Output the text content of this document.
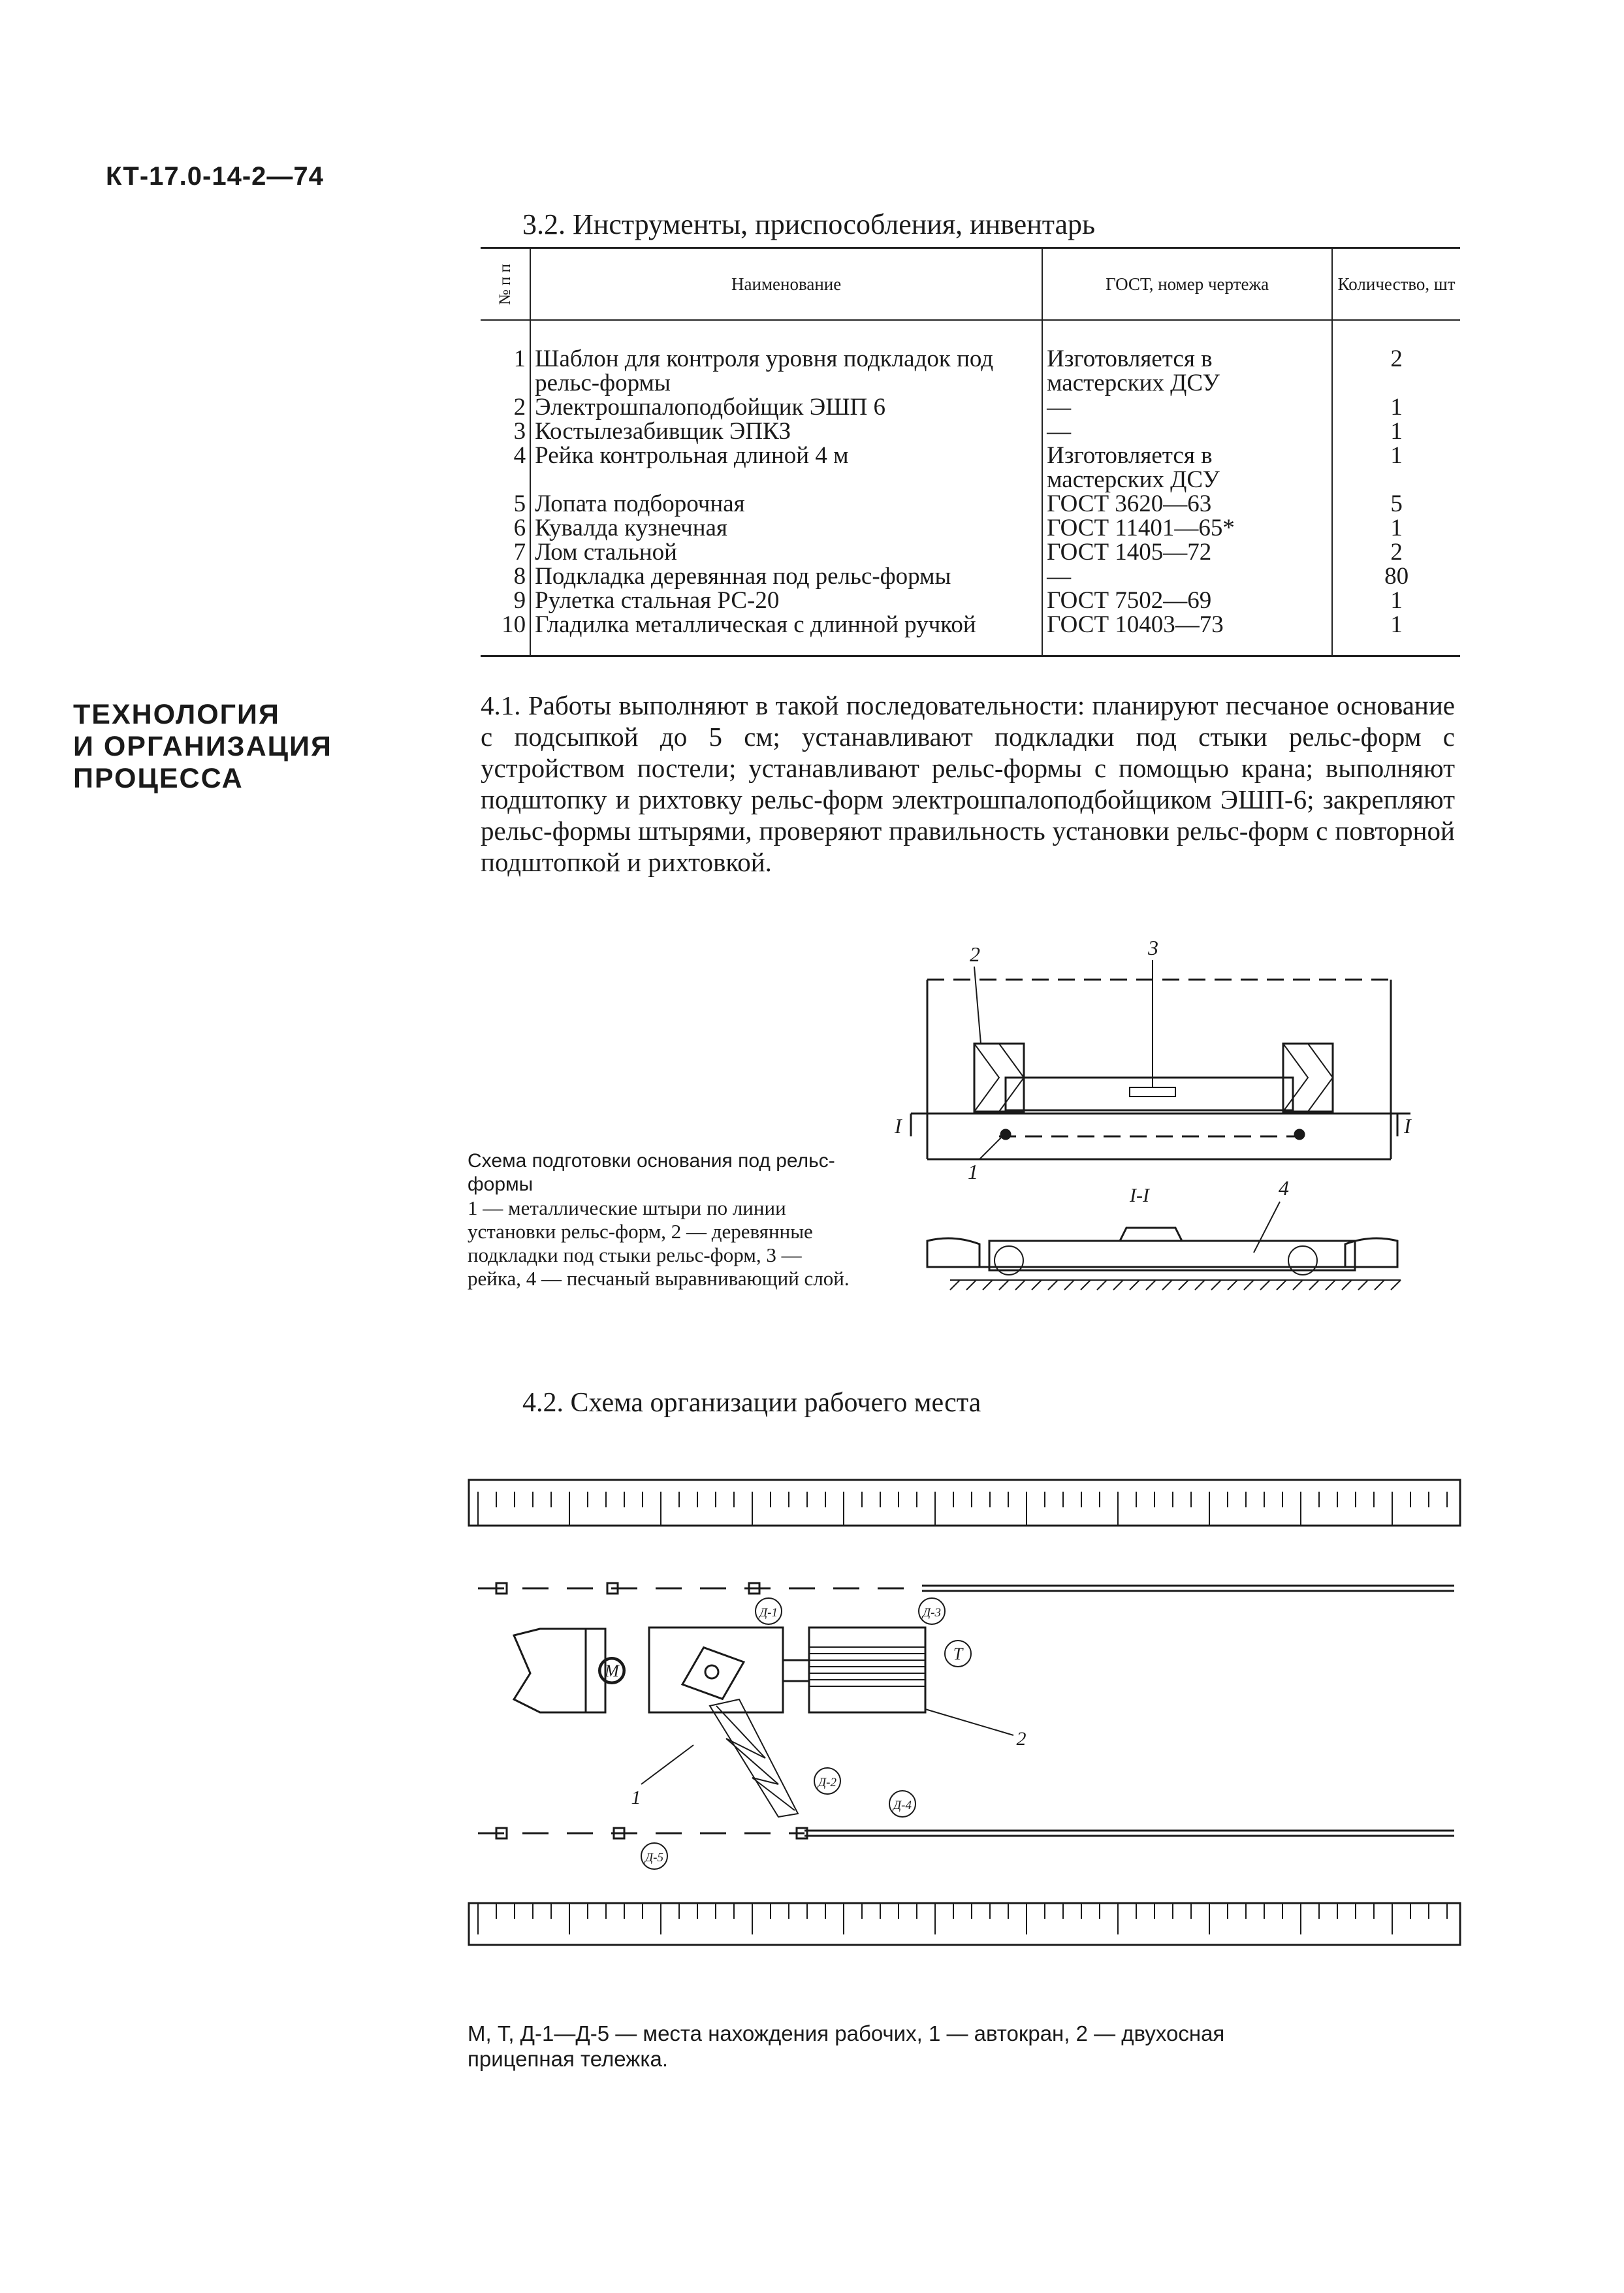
КТ-17.0-14-2—74
3.2. Инструменты, приспособления, инвентарь
№ п п	Наименование	ГОСТ, номер чертежа	Количество, шт

1	Шаблон для контроля уровня подкладок под рельс-формы	Изготовляется в мастерских ДСУ	2
2	Электрошпалоподбойщик ЭШП 6	—	1
3	Костылезабивщик ЭПКЗ	—	1
4	Рейка контрольная длиной 4 м	Изготовляется в мастерских ДСУ	1
5	Лопата подборочная	ГОСТ 3620—63	5
6	Кувалда кузнечная	ГОСТ 11401—65*	1
7	Лом стальной	ГОСТ 1405—72	2
8	Подкладка деревянная под рельс-формы	—	80
9	Рулетка стальная РС-20	ГОСТ 7502—69	1
10	Гладилка металлическая с длинной ручкой	ГОСТ 10403—73	1
ТЕХНОЛОГИЯ
И ОРГАНИЗАЦИЯ
ПРОЦЕССА

4.1. Работы выполняют в такой последовательности: планируют песчаное основание с подсыпкой до 5 см; устанавливают подкладки под стыки рельс-форм с устройством постели; устанавливают рельс-формы с помощью крана; выполняют подштопку и рихтовку рельс-форм электрошпалоподбойщиком ЭШП-6; закрепляют рельс-формы штырями, проверяют правильность установки рельс-форм с повторной подштопкой и рихтовкой.

2	3
1
I	I
I-I	4
Схема подготовки основания под рельс-формы
1 — металлические штыри по линии установки рельс-форм, 2 — деревянные подкладки под стыки рельс-форм, 3 — рейка, 4 — песчаный выравнивающий слой.
4.2. Схема организации рабочего места
М
Т
Д-1	Д-3
Д-2
Д-4
Д-5
1
2
М, Т, Д-1—Д-5 — места нахождения рабочих, 1 — автокран, 2 — двухосная прицепная тележка.
